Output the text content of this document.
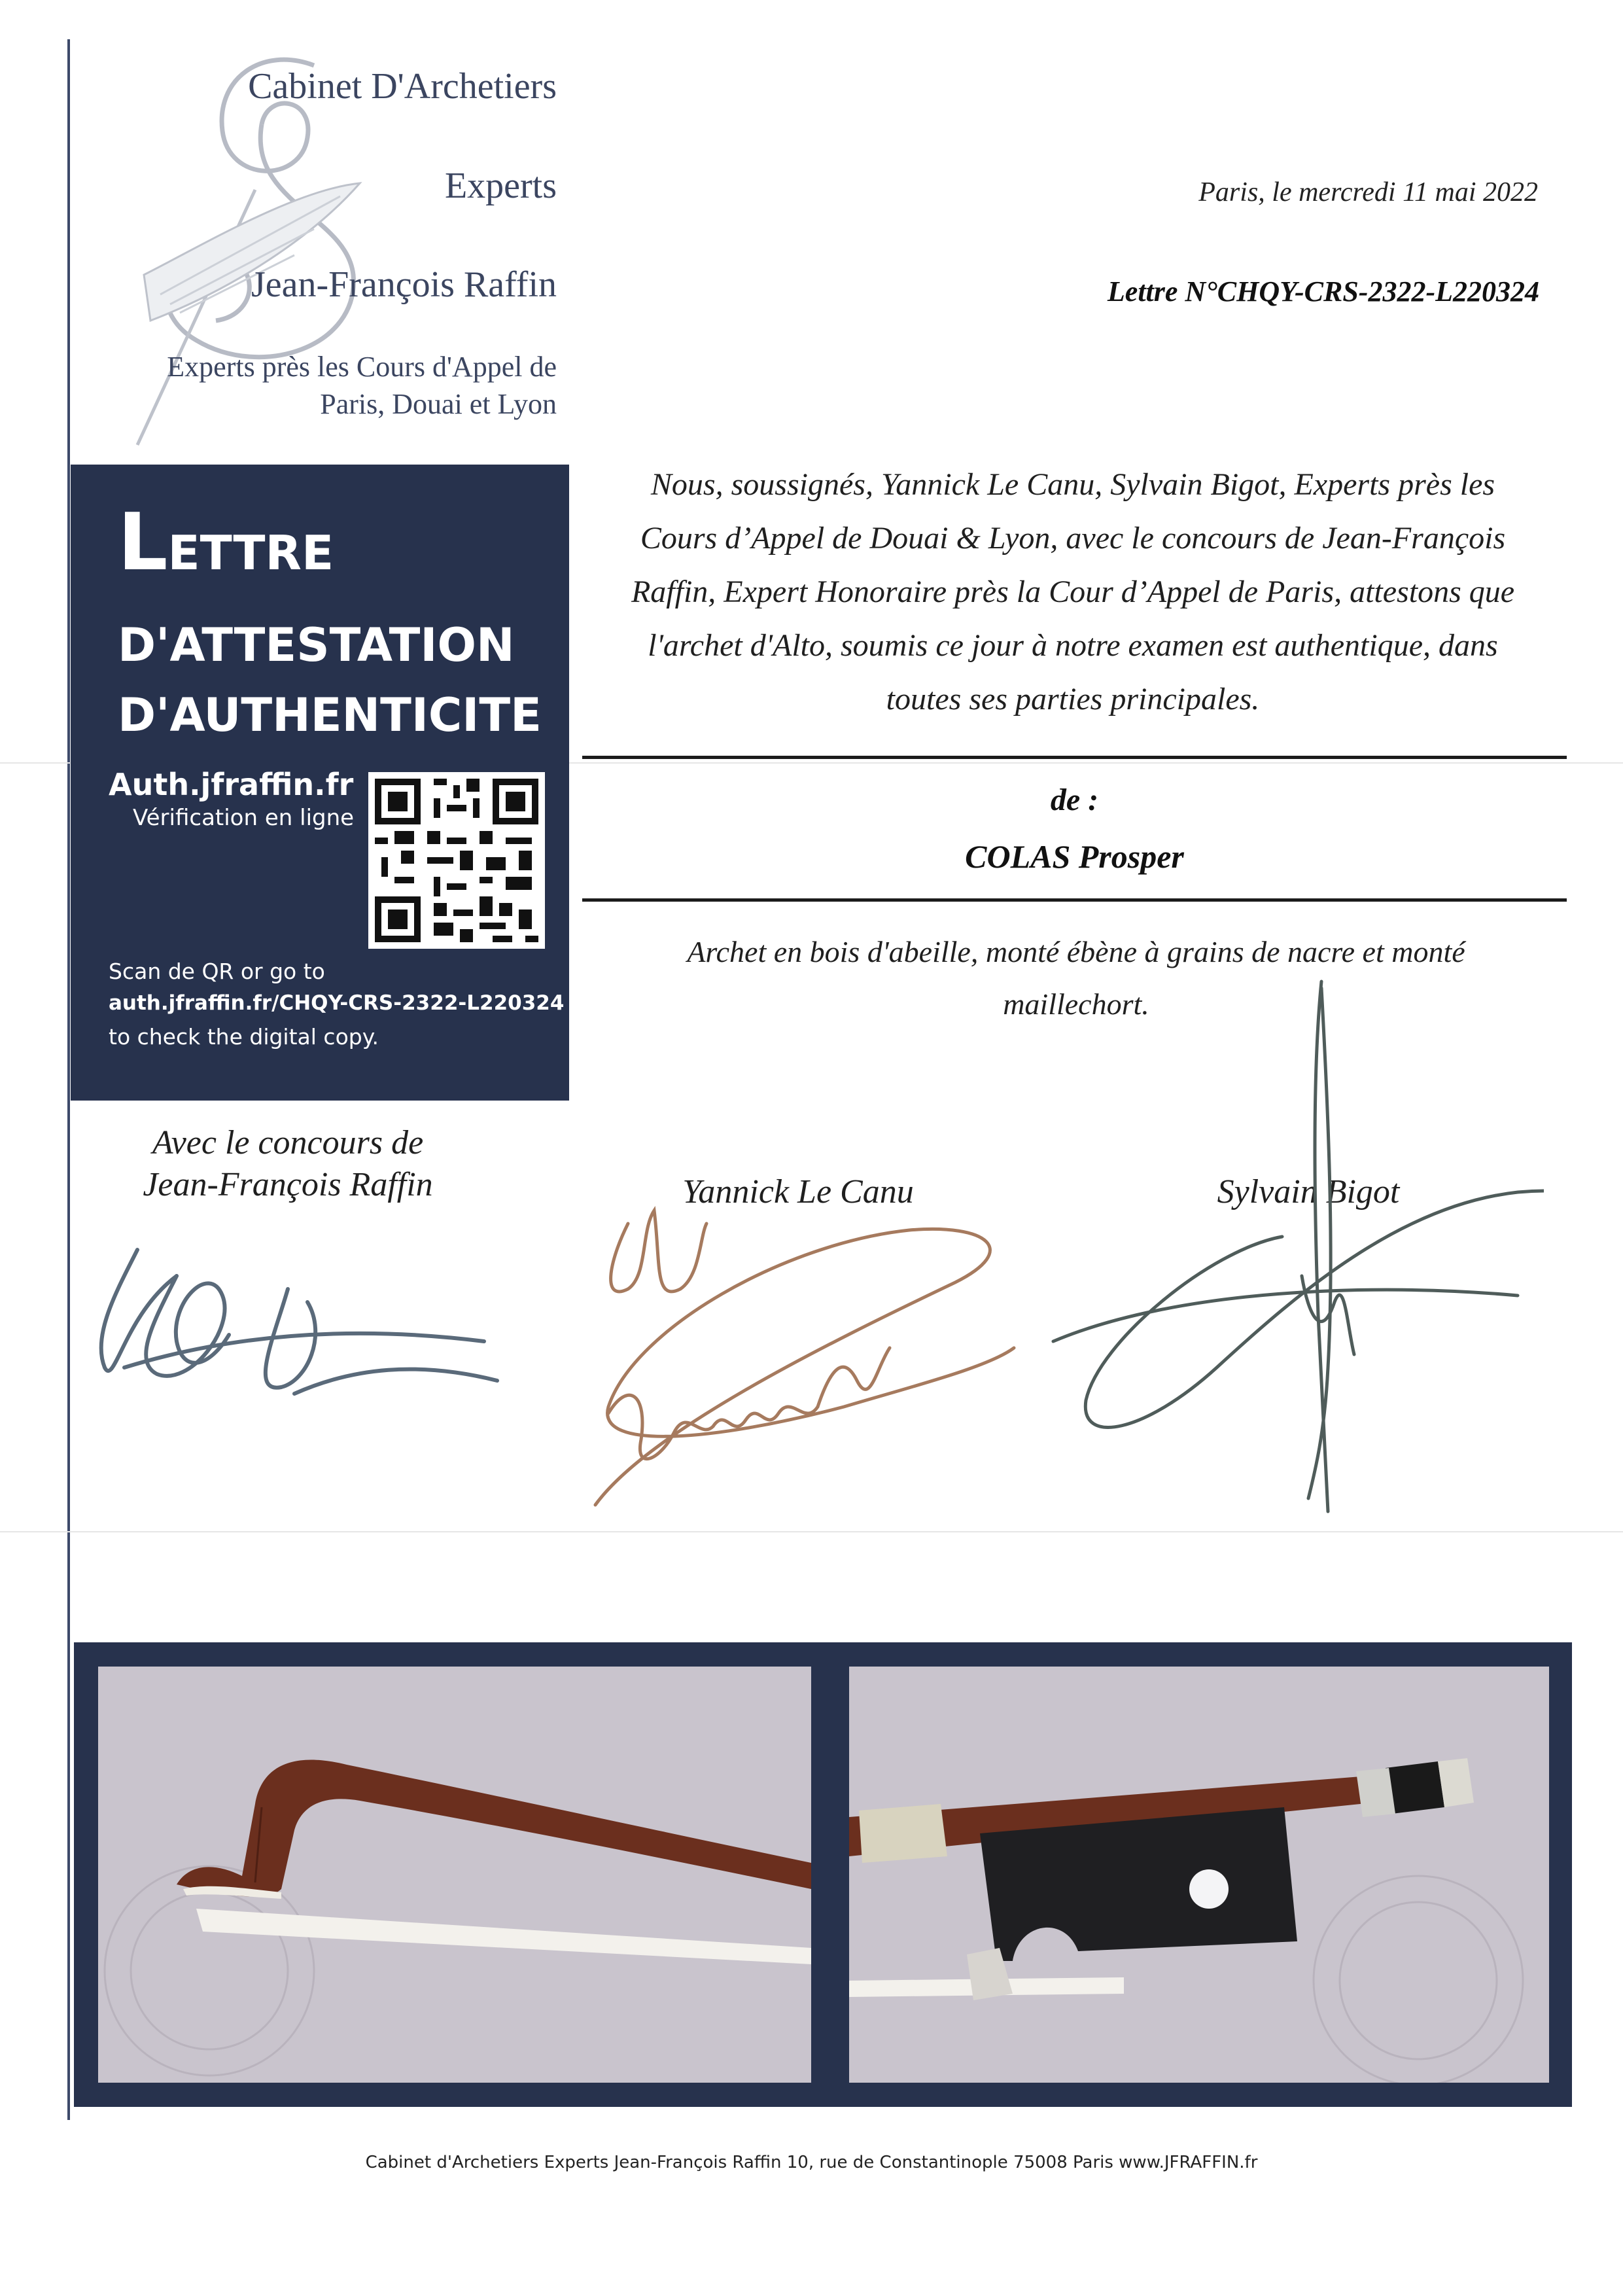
Cabinet D'Archetiers
Experts
Jean-François Raffin
Experts près les Cours d'Appel de
Paris, Douai et Lyon
LETTRE
D'ATTESTATION
D'AUTHENTICITE
Auth.jfraffin.fr
Vérification en ligne
Scan de QR or go to
auth.jfraffin.fr/CHQY-CRS-2322-L220324
to check the digital copy.
Paris, le mercredi 11 mai 2022
Lettre N°CHQY-CRS-2322-L220324
Nous, soussignés, Yannick Le Canu, Sylvain Bigot, Experts près les
Cours d’Appel de Douai & Lyon, avec le concours de Jean-François
Raffin, Expert Honoraire près la Cour d’Appel de Paris, attestons que
l'archet d'Alto, soumis ce jour à notre examen est authentique, dans
toutes ses parties principales.
de :
COLAS Prosper
Archet en bois d'abeille, monté ébène à grains de nacre et monté
maillechort.
Avec le concours de
Jean-François Raffin	Yannick Le Canu	Sylvain Bigot
Cabinet d'Archetiers Experts Jean-François Raffin 10, rue de Constantinople 75008 Paris www.JFRAFFIN.fr
